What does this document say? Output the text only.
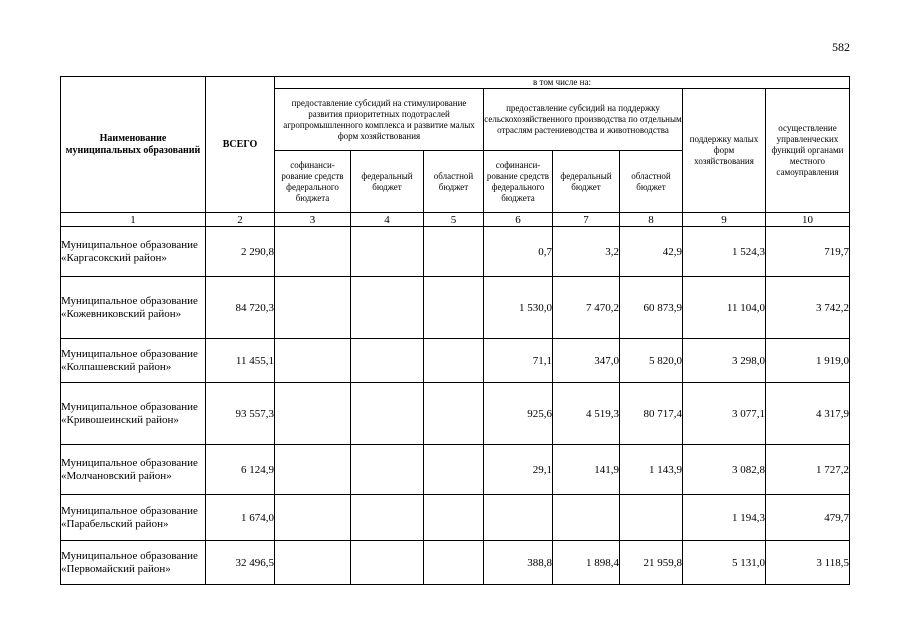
582
Наименование муниципальных образований	ВСЕГО	в том числе на:							
		предоставление субсидий на стимулирование развития приоритетных подотраслей агропромышленного комплекса и развитие малых форм хозяйствования			предоставление субсидий на поддержку сельскохозяйственного производства по отдельным отраслям растениеводства и животноводства			поддержку малых форм хозяйствования	осуществление управленческих функций органами местного самоуправления
		софинанси-рование средств федерального бюджета	федеральный бюджет	областной бюджет	софинанси-рование средств федерального бюджета	федеральный бюджет	областной бюджет		
1	2	3	4	5	6	7	8	9	10
Муниципальное образование «Каргасокский район»	2 290,8				0,7	3,2	42,9	1 524,3	719,7
Муниципальное образование «Кожевниковский район»	84 720,3				1 530,0	7 470,2	60 873,9	11 104,0	3 742,2
Муниципальное образование «Колпашевский район»	11 455,1				71,1	347,0	5 820,0	3 298,0	1 919,0
Муниципальное образование «Кривошеинский район»	93 557,3				925,6	4 519,3	80 717,4	3 077,1	4 317,9
Муниципальное образование «Молчановский район»	6 124,9				29,1	141,9	1 143,9	3 082,8	1 727,2
Муниципальное образование «Парабельский район»	1 674,0							1 194,3	479,7
Муниципальное образование «Первомайский район»	32 496,5				388,8	1 898,4	21 959,8	5 131,0	3 118,5
